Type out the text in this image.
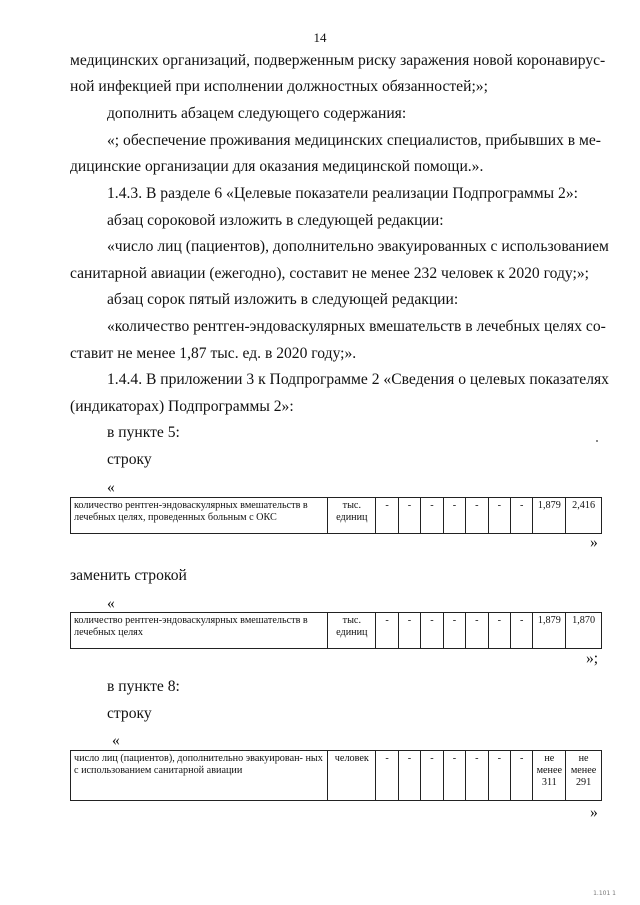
14
медицинских организаций, подверженным риску заражения новой коронавирус-
ной инфекцией при исполнении должностных обязанностей;»;
дополнить абзацем следующего содержания:
«; обеспечение проживания медицинских специалистов, прибывших в ме-
дицинские организации для оказания медицинской помощи.».
1.4.3. В разделе 6 «Целевые показатели реализации Подпрограммы 2»:
абзац сороковой изложить в следующей редакции:
«число лиц (пациентов), дополнительно эвакуированных с использованием
санитарной авиации (ежегодно), составит не менее 232 человек к 2020 году;»;
абзац сорок пятый изложить в следующей редакции:
«количество рентген-эндоваскулярных вмешательств в лечебных целях со-
ставит не менее 1,87 тыс. ед. в 2020 году;».
1.4.4. В приложении 3 к Подпрограмме 2 «Сведения о целевых показателях
(индикаторах) Подпрограммы 2»:
в пункте 5:
строку
«
количество рентген-эндоваскулярных вмешательств в лечебных целях, проведенных больным с ОКС	тыс. единиц	-	-	-	-	-	-	-	1,879	2,416
»
заменить строкой
«
количество рентген-эндоваскулярных вмешательств в лечебных целях	тыс. единиц	-	-	-	-	-	-	-	1,879	1,870
»;
в пункте 8:
строку
«
число лиц (пациентов), дополнительно эвакуирован- ных с использованием санитарной авиации	человек	-	-	-	-	-	-	-	не менее 311	не менее 291
»
1.101 1
